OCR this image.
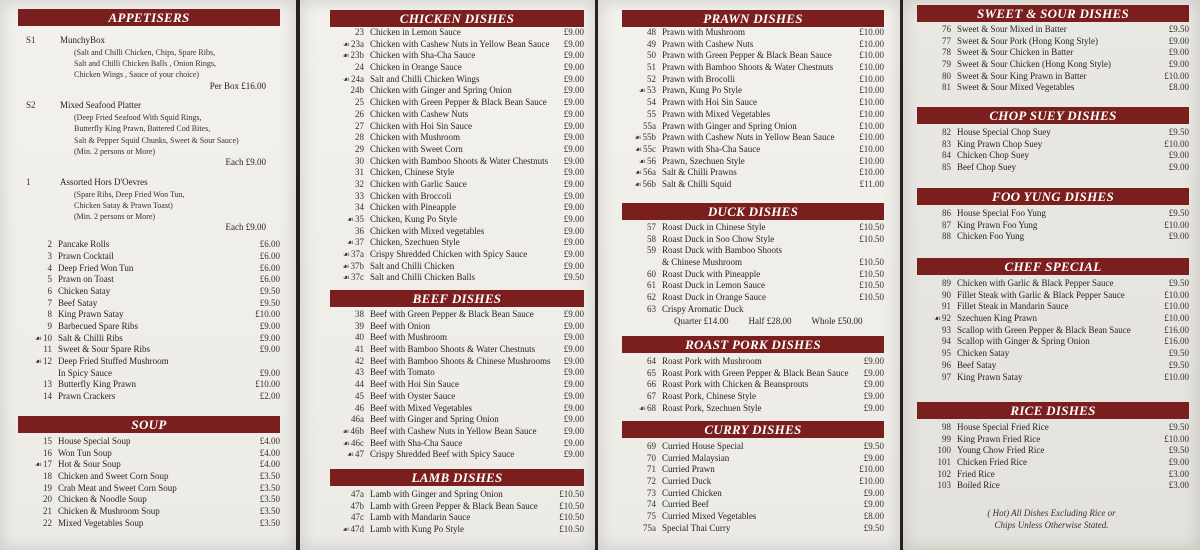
APPETISERS
S1	MunchyBox
(Salt and Chilli Chicken, Chips, Spare Ribs,
Salt and Chilli Chicken Balls , Onion Rings,
Chicken Wings , Sauce of your choice)
Per Box £16.00
S2	Mixed Seafood Platter
(Deep Fried Seafood With Squid Rings,
Butterfly King Prawn, Battered Cod Bites,
Salt & Pepper Squid Chunks, Sweet & Sour Sauce)
(Min. 2 persons or More)
Each £9.00
1	Assorted Hors D'Oevres
(Spare Ribs, Deep Fried Won Tun,
Chicken Satay & Prawn Toast)
(Min. 2 persons or More)
Each £9.00
2 Pancake Rolls	£6.00
3 Prawn Cocktail	£6.00
4 Deep Fried Won Tun	£6.00
5 Prawn on Toast	£6.00
6 Chicken Satay	£9.50
7 Beef Satay	£9.50
8 King Prawn Satay	£10.00
9 Barbecued Spare Ribs	£9.00
☙ 10 Salt & Chilli Ribs	£9.00
11 Sweet & Sour Spare Ribs	£9.00
☙ 12 Deep Fried Stuffed Mushroom
In Spicy Sauce	£9.00
13 Butterfly King Prawn	£10.00
14 Prawn Crackers	£2.00
SOUP
15 House Special Soup	£4.00
16 Won Tun Soup	£4.00
☙ 17 Hot & Sour Soup	£4.00
18 Chicken and Sweet Corn Soup	£3.50
19 Crab Meat and Sweet Corn Soup	£3.50
20 Chicken & Noodle Soup	£3.50
21 Chicken & Mushroom Soup	£3.50
22 Mixed Vegetables Soup	£3.50
CHICKEN DISHES
23 Chicken in Lemon Sauce	£9.00
☙ 23a Chicken with Cashew Nuts in Yellow Bean Sauce	£9.00
☙ 23b Chicken with Sha-Cha Sauce	£9.00
24 Chicken in Orange Sauce	£9.00
☙ 24a Salt and Chilli Chicken Wings	£9.00
24b Chicken with Ginger and Spring Onion	£9.00
25 Chicken with Green Pepper & Black Bean Sauce	£9.00
26 Chicken with Cashew Nuts	£9.00
27 Chicken with Hoi Sin Sauce	£9.00
28 Chicken with Mushroom	£9.00
29 Chicken with Sweet Corn	£9.00
30 Chicken with Bamboo Shoots & Water Chestnuts	£9.00
31 Chicken, Chinese Style	£9.00
32 Chicken with Garlic Sauce	£9.00
33 Chicken with Broccoli	£9.00
34 Chicken with Pineapple	£9.00
☙ 35 Chicken, Kung Po Style	£9.00
36 Chicken with Mixed vegetables	£9.00
☙ 37 Chicken, Szechuen Style	£9.00
☙ 37a Crispy Shredded Chicken with Spicy Sauce	£9.00
☙ 37b Salt and Chilli Chicken	£9.00
☙ 37c Salt and Chilli Chicken Balls	£9.50
BEEF DISHES
38 Beef with Green Pepper & Black Bean Sauce	£9.00
39 Beef with Onion	£9.00
40 Beef with Mushroom	£9.00
41 Beef with Bamboo Shoots & Water Chestnuts	£9.00
42 Beef with Bamboo Shoots & Chinese Mushrooms	£9.00
43 Beef with Tomato	£9.00
44 Beef with Hoi Sin Sauce	£9.00
45 Beef with Oyster Sauce	£9.00
46 Beef with Mixed Vegetables	£9.00
46a Beef with Ginger and Spring Onion	£9.00
☙ 46b Beef with Cashew Nuts in Yellow Bean Sauce	£9.00
☙ 46c Beef with Sha-Cha Sauce	£9.00
☙ 47 Crispy Shredded Beef with Spicy Sauce	£9.00
LAMB DISHES
47a Lamb with Ginger and Spring Onion	£10.50
47b Lamb with Green Pepper & Black Bean Sauce	£10.50
47c Lamb with Mandarin Sauce	£10.50
☙ 47d Lamb with Kung Po Style	£10.50
PRAWN DISHES
48 Prawn with Mushroom	£10.00
49 Prawn with Cashew Nuts	£10.00
50 Prawn with Green Pepper & Black Bean Sauce	£10.00
51 Prawn with Bamboo Shoots & Water Chestnuts	£10.00
52 Prawn with Brocolli	£10.00
☙ 53 Prawn, Kung Po Style	£10.00
54 Prawn with Hoi Sin Sauce	£10.00
55 Prawn with Mixed Vegetables	£10.00
55a Prawn with Ginger and Spring Onion	£10.00
☙ 55b Prawn with Cashew Nuts in Yellow Bean Sauce	£10.00
☙ 55c Prawn with Sha-Cha Sauce	£10.00
☙ 56 Prawn, Szechuen Style	£10.00
☙ 56a Salt & Chilli Prawns	£10.00
☙ 56b Salt & Chilli Squid	£11.00
DUCK DISHES
57 Roast Duck in Chinese Style	£10.50
58 Roast Duck in Soo Chow Style	£10.50
59 Roast Duck with Bamboo Shoots
& Chinese Mushroom	£10.50
60 Roast Duck with Pineapple	£10.50
61 Roast Duck in Lemon Sauce	£10.50
62 Roast Duck in Orange Sauce	£10.50
63 Crispy Aromatic Duck
Quarter £14.00 Half £28.00 Whole £50.00
ROAST PORK DISHES
64 Roast Pork with Mushroom	£9.00
65 Roast Pork with Green Pepper & Black Bean Sauce	£9.00
66 Roast Pork with Chicken & Beansprouts	£9.00
67 Roast Pork, Chinese Style	£9.00
☙ 68 Roast Pork, Szechuen Style	£9.00
CURRY DISHES
69 Curried House Special	£9.50
70 Curried Malaysian	£9.00
71 Curried Prawn	£10.00
72 Curried Duck	£10.00
73 Curried Chicken	£9.00
74 Curried Beef	£9.00
75 Curried Mixed Vegetables	£8.00
75a Special Thai Curry	£9.50
SWEET & SOUR DISHES
76 Sweet & Sour Mixed in Batter	£9.50
77 Sweet & Sour Pork (Hong Kong Style)	£9.00
78 Sweet & Sour Chicken in Batter	£9.00
79 Sweet & Sour Chicken (Hong Kong Style)	£9.00
80 Sweet & Sour King Prawn in Batter	£10.00
81 Sweet & Sour Mixed Vegetables	£8.00
CHOP SUEY DISHES
82 House Special Chop Suey	£9.50
83 King Prawn Chop Suey	£10.00
84 Chicken Chop Suey	£9.00
85 Beef Chop Suey	£9.00
FOO YUNG DISHES
86 House Special Foo Yung	£9.50
87 King Prawn Foo Yung	£10.00
88 Chicken Foo Yung	£9.00
CHEF SPECIAL
89 Chicken with Garlic & Black Pepper Sauce	£9.50
90 Fillet Steak with Garlic & Black Pepper Sauce	£10.00
91 Fillet Steak in Mandarin Sauce	£10.00
☙ 92 Szechuen King Prawn	£10.00
93 Scallop with Green Pepper & Black Bean Sauce	£16.00
94 Scallop with Ginger & Spring Onion	£16.00
95 Chicken Satay	£9.50
96 Beef Satay	£9.50
97 King Prawn Satay	£10.00
RICE DISHES
98 House Special Fried Rice	£9.50
99 King Prawn Fried Rice	£10.00
100 Young Chow Fried Rice	£9.50
101 Chicken Fried Rice	£9.00
102 Fried Rice	£3.00
103 Boiled Rice	£3.00
( Hot) All Dishes Excluding Rice or
Chips Unless Otherwise Stated.
